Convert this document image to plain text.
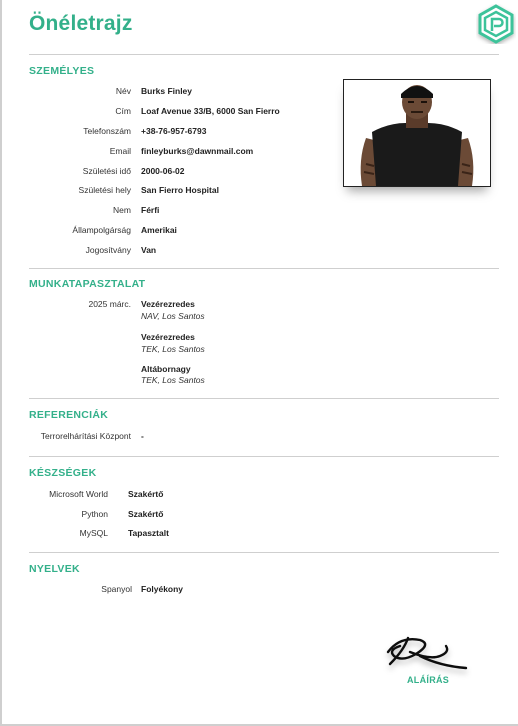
Önéletrajz
SZEMÉLYES
Név Burks Finley
Cím Loaf Avenue 33/B, 6000 San Fierro
Telefonszám +38-76-957-6793
Email finleyburks@dawnmail.com
Születési idő 2000-06-02
Születési hely San Fierro Hospital
Nem Férfi
Állampolgárság Amerikai
Jogosítvány Van
MUNKATAPASZTALAT
2025 márc. Vezérezredes
NAV, Los Santos
Vezérezredes
TEK, Los Santos
Altábornagy
TEK, Los Santos
REFERENCIÁK
Terrorelhárítási Központ -
KÉSZSÉGEK
Microsoft World Szakértő
Python Szakértő
MySQL Tapasztalt
NYELVEK
Spanyol Folyékony
ALÁÍRÁS
